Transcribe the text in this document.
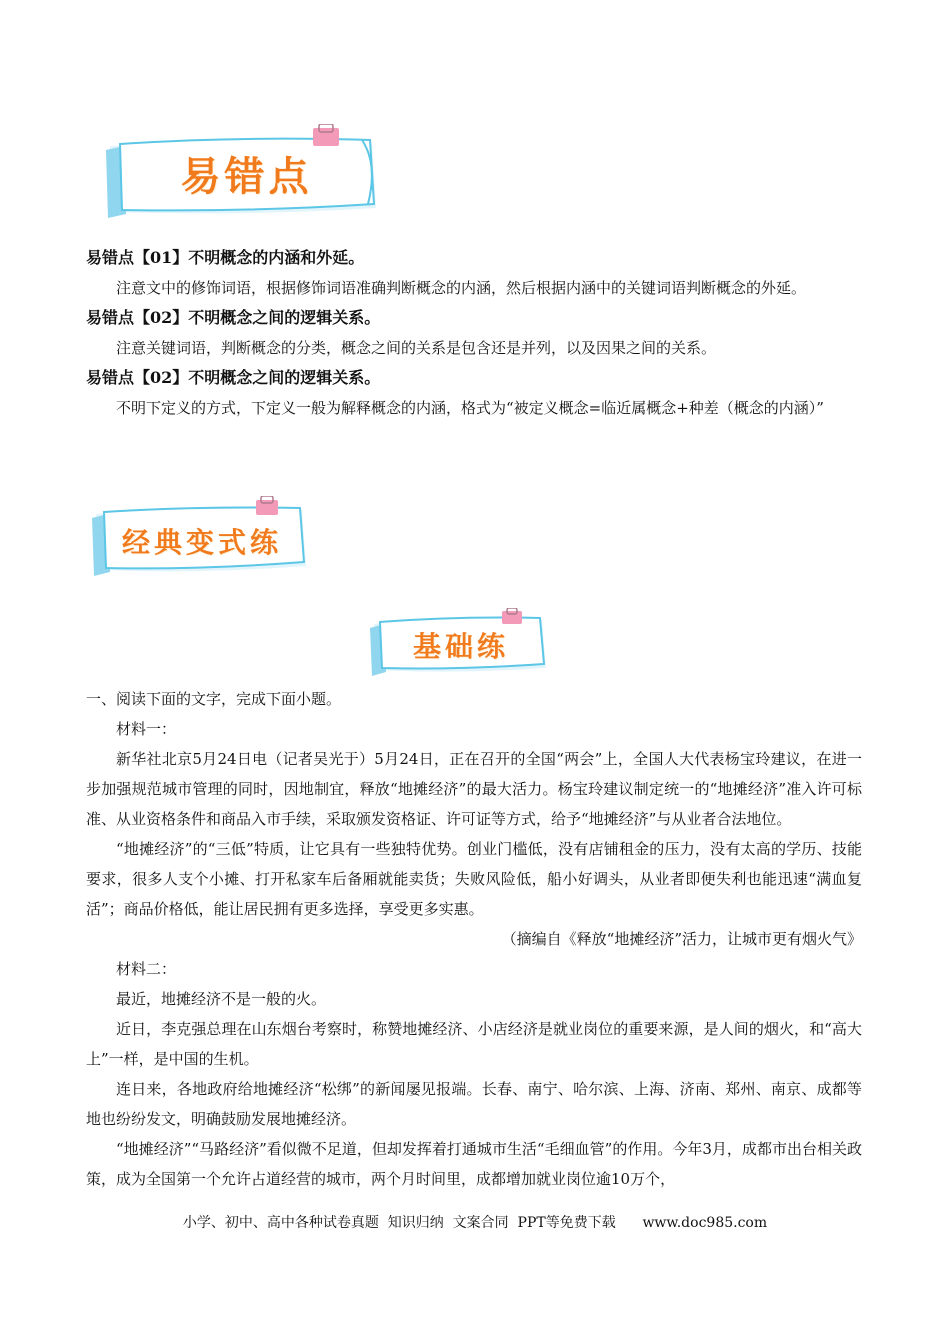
易错点

易错点【01】不明概念的内涵和外延。

注意文中的修饰词语，根据修饰词语准确判断概念的内涵，然后根据内涵中的关键词语判断概念的外延。

易错点【02】不明概念之间的逻辑关系。

注意关键词语，判断概念的分类，概念之间的关系是包含还是并列，以及因果之间的关系。

易错点【02】不明概念之间的逻辑关系。

不明下定义的方式，下定义一般为解释概念的内涵，格式为“被定义概念=临近属概念+种差（概念的内涵）”

经典变式练
基础练

一、阅读下面的文字，完成下面小题。

材料一：

新华社北京5月24日电（记者吴光于）5月24日，正在召开的全国“两会”上，全国人大代表杨宝玲建议，在进一步加强规范城市管理的同时，因地制宜，释放“地摊经济”的最大活力。杨宝玲建议制定统一的“地摊经济”准入许可标准、从业资格条件和商品入市手续，采取颁发资格证、许可证等方式，给予“地摊经济”与从业者合法地位。

“地摊经济”的“三低”特质，让它具有一些独特优势。创业门槛低，没有店铺租金的压力，没有太高的学历、技能要求，很多人支个小摊、打开私家车后备厢就能卖货；失败风险低，船小好调头，从业者即便失利也能迅速“满血复活”；商品价格低，能让居民拥有更多选择，享受更多实惠。

（摘编自《释放“地摊经济”活力，让城市更有烟火气》

材料二：

最近，地摊经济不是一般的火。

近日，李克强总理在山东烟台考察时，称赞地摊经济、小店经济是就业岗位的重要来源，是人间的烟火，和“高大上”一样，是中国的生机。

连日来，各地政府给地摊经济“松绑”的新闻屡见报端。长春、南宁、哈尔滨、上海、济南、郑州、南京、成都等地也纷纷发文，明确鼓励发展地摊经济。

“地摊经济”“马路经济”看似微不足道，但却发挥着打通城市生活“毛细血管”的作用。今年3月，成都市出台相关政策，成为全国第一个允许占道经营的城市，两个月时间里，成都增加就业岗位逾10万个，

小学、初中、高中各种试卷真题  知识归纳  文案合同  PPT等免费下载      www.doc985.com
